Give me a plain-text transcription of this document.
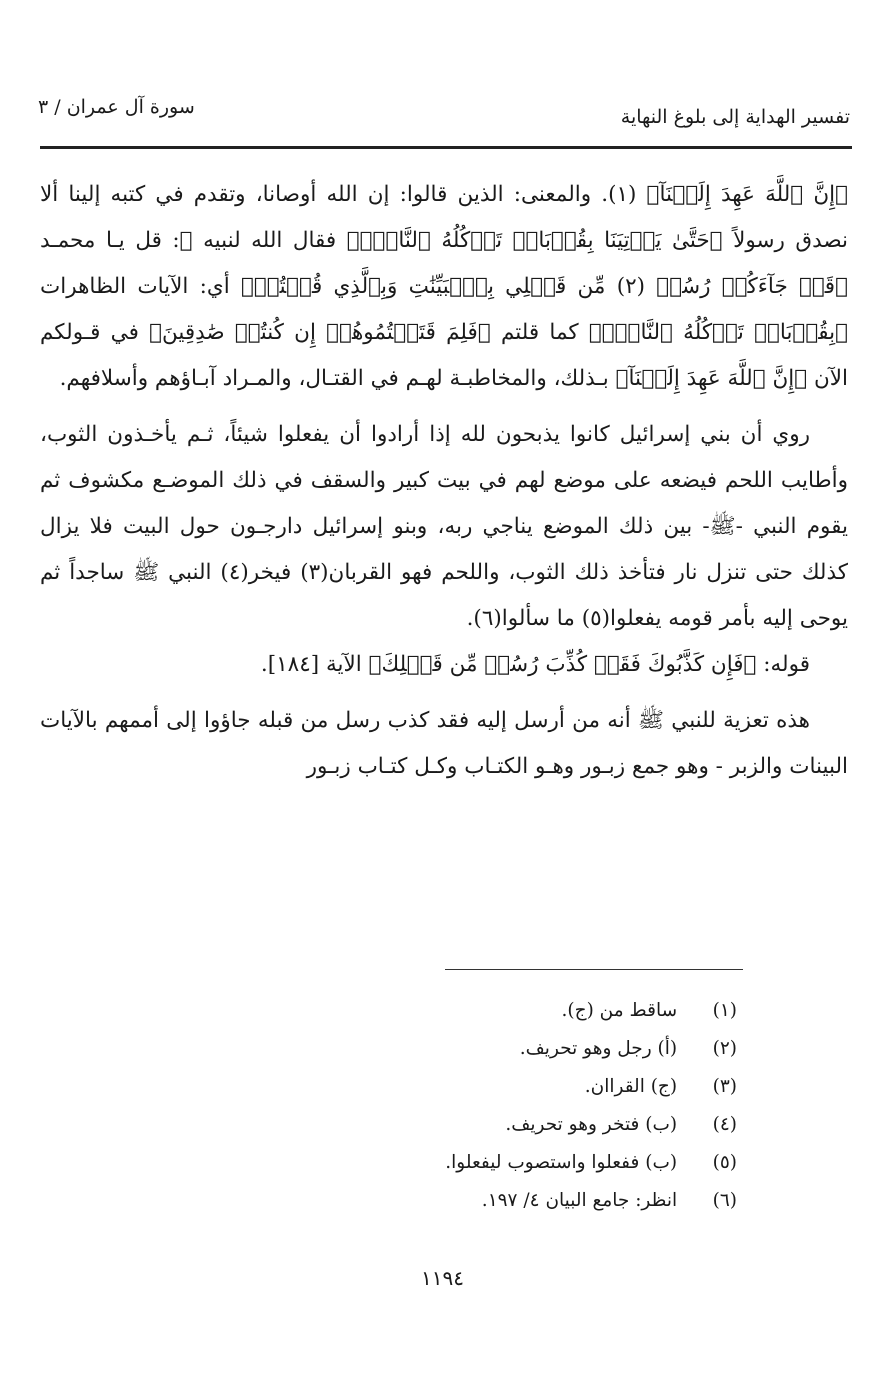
تفسير الهداية إلى بلوغ النهاية
سورة آل عمران / ٣

﴿إِنَّ ٱللَّهَ عَهِدَ إِلَيۡنَآ﴾ (١). والمعنى: الذين قالوا: إن الله أوصانا، وتقدم في كتبه إلينا ألا نصدق رسولاً ﴿حَتَّىٰ يَأۡتِيَنَا بِقُرۡبَانٖ تَأۡكُلُهُ ٱلنَّارُۗ﴾ فقال الله لنبيه ﷺ: قل يـا محمـد ﴿قَدۡ جَآءَكُمۡ رُسُلٞ (٢) مِّن قَبۡلِي بِٱلۡبَيِّنَٰتِ وَبِٱلَّذِي قُلۡتُمۡ﴾ أي: الآيات الظاهرات ﴿بِقُرۡبَانٖ تَأۡكُلُهُ ٱلنَّارُۗ﴾ كما قلتم ﴿فَلِمَ قَتَلۡتُمُوهُمۡ إِن كُنتُمۡ صَٰدِقِينَ﴾ في قـولكم الآن ﴿إِنَّ ٱللَّهَ عَهِدَ إِلَيۡنَآ﴾ بـذلك، والمخاطبـة لهـم في القتـال، والمـراد آبـاؤهم وأسلافهم.

روي أن بني إسرائيل كانوا يذبحون لله إذا أرادوا أن يفعلوا شيئاً، ثـم يأخـذون الثوب، وأطايب اللحم فيضعه على موضع لهم في بيت كبير والسقف في ذلك الموضـع مكشوف ثم يقوم النبي -ﷺ- بين ذلك الموضع يناجي ربه، وبنو إسرائيل دارجـون حول البيت فلا يزال كذلك حتى تنزل نار فتأخذ ذلك الثوب، واللحم فهو القربان(٣) فيخر(٤) النبي ﷺ ساجداً ثم يوحى إليه بأمر قومه يفعلوا(٥) ما سألوا(٦).

قوله: ﴿فَإِن كَذَّبُوكَ فَقَدۡ كُذِّبَ رُسُلٞ مِّن قَبۡلِكَ﴾ الآية [١٨٤].

هذه تعزية للنبي ﷺ أنه من أرسل إليه فقد كذب رسل من قبله جاؤوا إلى أممهم بالآيات البينات والزبر - وهو جمع زبـور وهـو الكتـاب وكـل كتـاب زبـور

(١) ساقط من (ج).
(٢) (أ) رجل وهو تحريف.
(٣) (ج) القراان.
(٤) (ب) فتخر وهو تحريف.
(٥) (ب) ففعلوا واستصوب ليفعلوا.
(٦) انظر: جامع البيان ٤/ ١٩٧.
١١٩٤
